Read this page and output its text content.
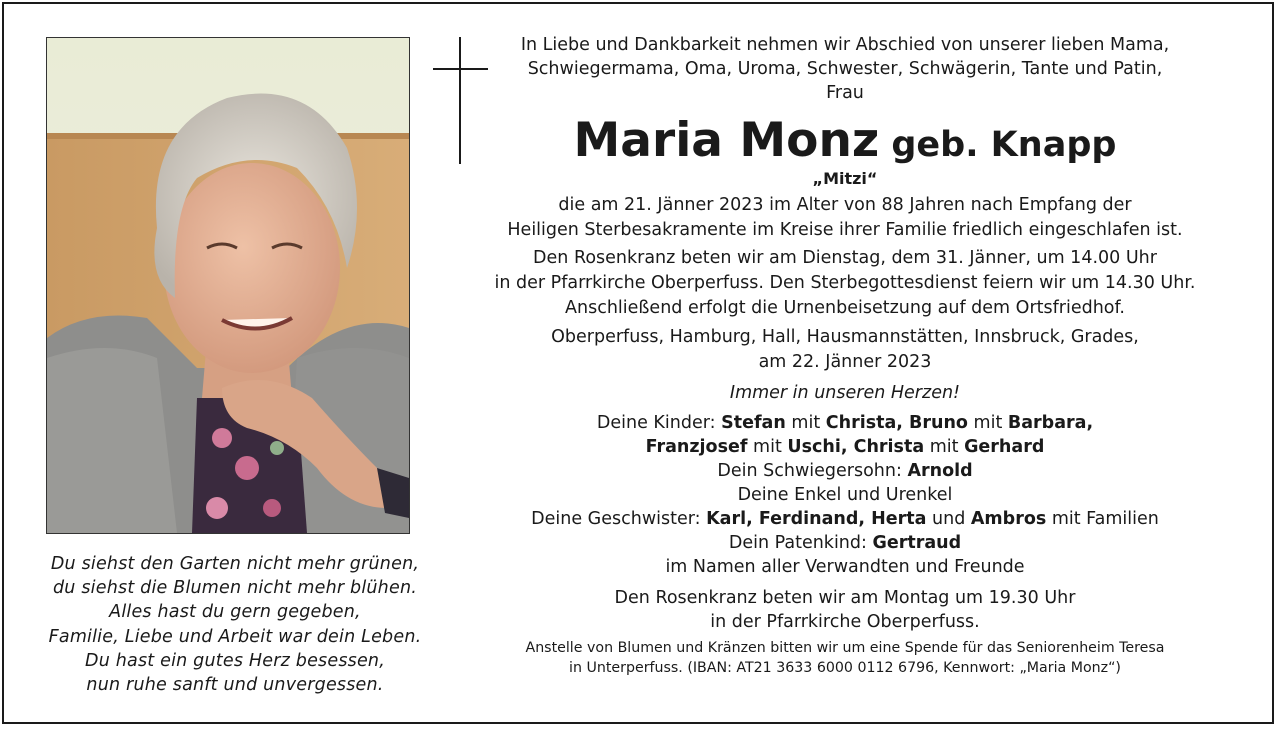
Du siehst den Garten nicht mehr grünen,
du siehst die Blumen nicht mehr blühen.
Alles hast du gern gegeben,
Familie, Liebe und Arbeit war dein Leben.
Du hast ein gutes Herz besessen,
nun ruhe sanft und unvergessen.
In Liebe und Dankbarkeit nehmen wir Abschied von unserer lieben Mama,
Schwiegermama, Oma, Uroma, Schwester, Schwägerin, Tante und Patin,
Frau
Maria Monz geb. Knapp
„Mitzi“
die am 21. Jänner 2023 im Alter von 88 Jahren nach Empfang der
Heiligen Sterbesakramente im Kreise ihrer Familie friedlich eingeschlafen ist.
Den Rosenkranz beten wir am Dienstag, dem 31. Jänner, um 14.00 Uhr
in der Pfarrkirche Oberperfuss. Den Sterbegottesdienst feiern wir um 14.30 Uhr.
Anschließend erfolgt die Urnenbeisetzung auf dem Ortsfriedhof.
Oberperfuss, Hamburg, Hall, Hausmannstätten, Innsbruck, Grades,
am 22. Jänner 2023
Immer in unseren Herzen!
Deine Kinder: Stefan mit Christa, Bruno mit Barbara,
Franzjosef mit Uschi, Christa mit Gerhard
Dein Schwiegersohn: Arnold
Deine Enkel und Urenkel
Deine Geschwister: Karl, Ferdinand, Herta und Ambros mit Familien
Dein Patenkind: Gertraud
im Namen aller Verwandten und Freunde
Den Rosenkranz beten wir am Montag um 19.30 Uhr
in der Pfarrkirche Oberperfuss.
Anstelle von Blumen und Kränzen bitten wir um eine Spende für das Seniorenheim Teresa
in Unterperfuss. (IBAN: AT21 3633 6000 0112 6796, Kennwort: „Maria Monz“)
